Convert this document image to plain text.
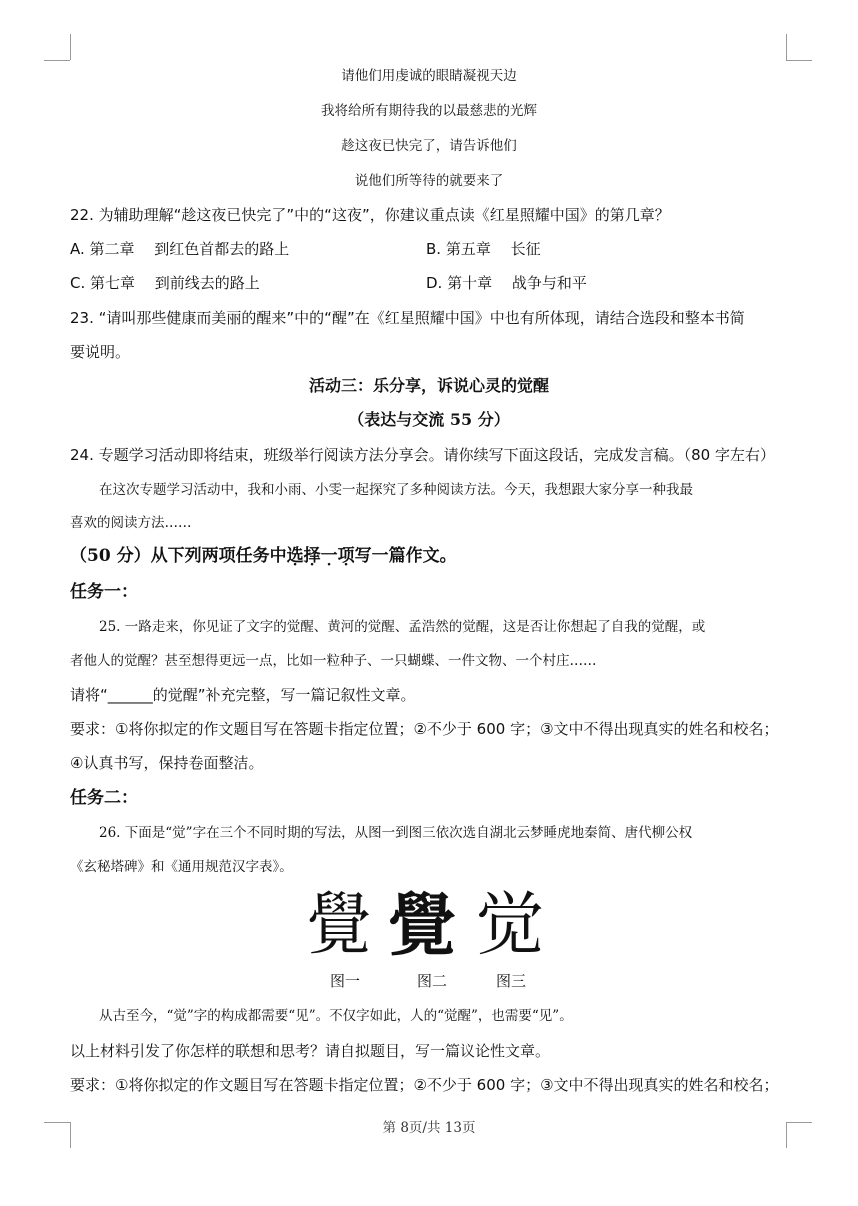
请他们用虔诚的眼睛凝视天边
我将给所有期待我的以最慈悲的光辉
趁这夜已快完了，请告诉他们
说他们所等待的就要来了
22. 为辅助理解“趁这夜已快完了”中的“这夜”，你建议重点读《红星照耀中国》的第几章？
A. 第二章　 到红色首都去的路上	B. 第五章　 长征
C. 第七章　 到前线去的路上	D. 第十章　 战争与和平
23. “请叫那些健康而美丽的醒来”中的“醒”在《红星照耀中国》中也有所体现，请结合选段和整本书简
要说明。
活动三：乐分享，诉说心灵的觉醒
（表达与交流 55 分）
24. 专题学习活动即将结束，班级举行阅读方法分享会。请你续写下面这段话，完成发言稿。（80 字左右）
在这次专题学习活动中，我和小雨、小雯一起探究了多种阅读方法。今天，我想跟大家分享一种我最
喜欢的阅读方法……
（50 分）从下列两项任务中选择一项写一篇作文。
任务一：
25. 一路走来，你见证了文字的觉醒、黄河的觉醒、孟浩然的觉醒，这是否让你想起了自我的觉醒，或
者他人的觉醒？甚至想得更远一点，比如一粒种子、一只蝴蝶、一件文物、一个村庄……
请将“______的觉醒”补充完整，写一篇记叙性文章。
要求：①将你拟定的作文题目写在答题卡指定位置；②不少于 600 字；③文中不得出现真实的姓名和校名；
④认真书写，保持卷面整洁。
任务二：
26. 下面是“觉”字在三个不同时期的写法，从图一到图三依次选自湖北云梦睡虎地秦简、唐代柳公权
《玄秘塔碑》和《通用规范汉字表》。
覺 覺 觉
图一	图二	图三
从古至今，“觉”字的构成都需要“见”。不仅字如此，人的“觉醒”，也需要“见”。
以上材料引发了你怎样的联想和思考？请自拟题目，写一篇议论性文章。
要求：①将你拟定的作文题目写在答题卡指定位置；②不少于 600 字；③文中不得出现真实的姓名和校名；
第 8页/共 13页
